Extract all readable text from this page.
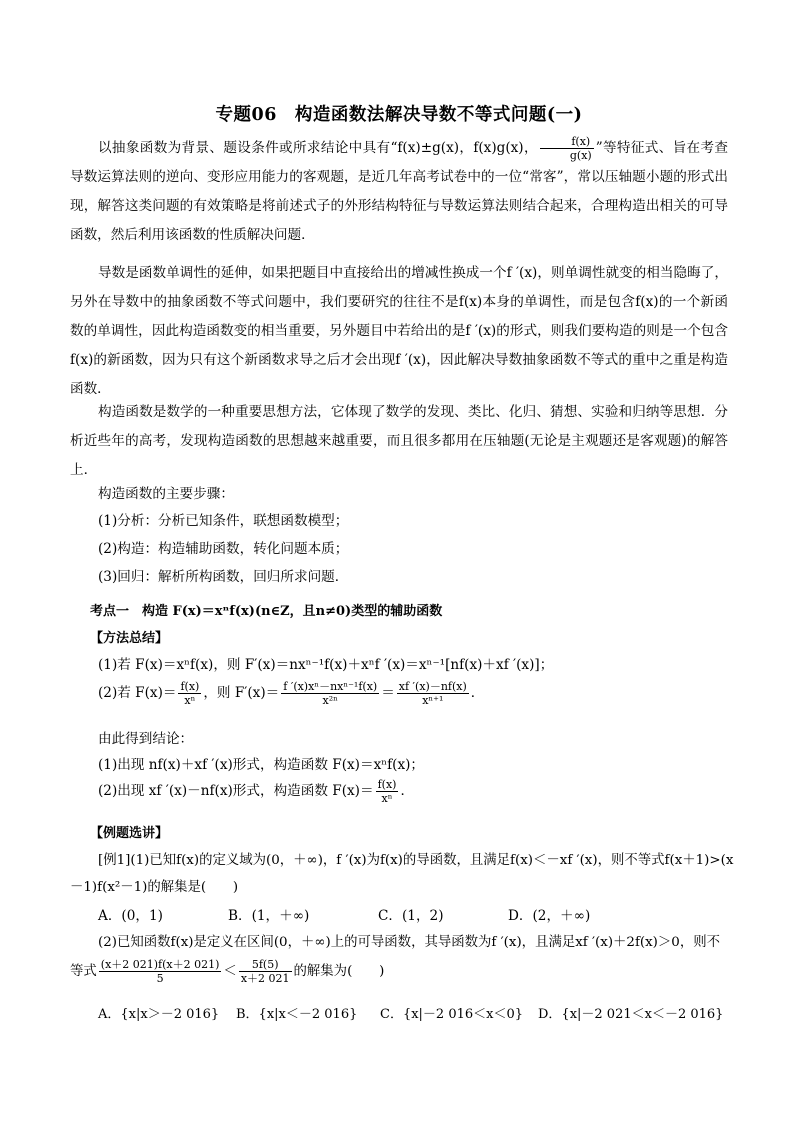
专题06　构造函数法解决导数不等式问题(一)
以抽象函数为背景、题设条件或所求结论中具有“f(x)±g(x)，f(x)g(x)， $\frac{f(x)}{g(x)}$ ”等特征式、旨在考查导数运算法则的逆向、变形应用能力的客观题，是近几年高考试卷中的一位“常客”，常以压轴题小题的形式出现，解答这类问题的有效策略是将前述式子的外形结构特征与导数运算法则结合起来，合理构造出相关的可导函数，然后利用该函数的性质解决问题．
导数是函数单调性的延伸，如果把题目中直接给出的增减性换成一个f ′(x)，则单调性就变的相当隐晦了，另外在导数中的抽象函数不等式问题中，我们要研究的往往不是f(x)本身的单调性，而是包含f(x)的一个新函数的单调性，因此构造函数变的相当重要，另外题目中若给出的是f ′(x)的形式，则我们要构造的则是一个包含f(x)的新函数，因为只有这个新函数求导之后才会出现f ′(x)，因此解决导数抽象函数不等式的重中之重是构造函数．
构造函数是数学的一种重要思想方法，它体现了数学的发现、类比、化归、猜想、实验和归纳等思想．分析近些年的高考，发现构造函数的思想越来越重要，而且很多都用在压轴题(无论是主观题还是客观题)的解答上．
构造函数的主要步骤：
(1)分析：分析已知条件，联想函数模型；
(2)构造：构造辅助函数，转化问题本质；
(3)回归：解析所构函数，回归所求问题．
考点一　构造 F(x)＝xⁿf(x)(n∈Z，且n≠0)类型的辅助函数
【方法总结】
(1)若 F(x)＝xⁿf(x)，则 F′(x)＝nxⁿ⁻¹f(x)＋xⁿf ′(x)＝xⁿ⁻¹[nf(x)＋xf ′(x)]；
(2)若 $F(x)= \frac{f(x)}{\text{xⁿ}}$ ，则 $F'(x)= \frac{\text{f ′(x)xⁿ－nxⁿ⁻¹f(x)}}{\text{x²ⁿ}} = \frac{xf '(x)-nf(x)}{\text{xⁿ⁺¹}}$ ．
由此得到结论：
(1)出现 nf(x)＋xf ′(x)形式，构造函数 F(x)＝xⁿf(x)；
(2)出现 xf ′(x)－nf(x)形式，构造函数 $F(x)= \frac{f(x)}{\text{xⁿ}}$ ．
【例题选讲】
[例1](1)已知f(x)的定义域为(0，＋∞)，f ′(x)为f(x)的导函数，且满足f(x)＜－xf ′(x)，则不等式f(x＋1)>(x
－1)f(x²－1)的解集是(　　)
A．(0，1)	B．(1，＋∞)	C．(1，2)	D．(2，＋∞)
(2)已知函数f(x)是定义在区间(0，＋∞)上的可导函数，其导函数为f ′(x)，且满足xf ′(x)＋2f(x)＞0，则不
等式 $\frac{(x+2 021)f(x+2 021)}{5} < \frac{5f(5)}{x+2 021}$ 的解集为(　　)
A．{x|x＞－2 016} B．{x|x＜－2 016} C．{x|－2 016＜x＜0} D．{x|－2 021＜x＜－2 016}
